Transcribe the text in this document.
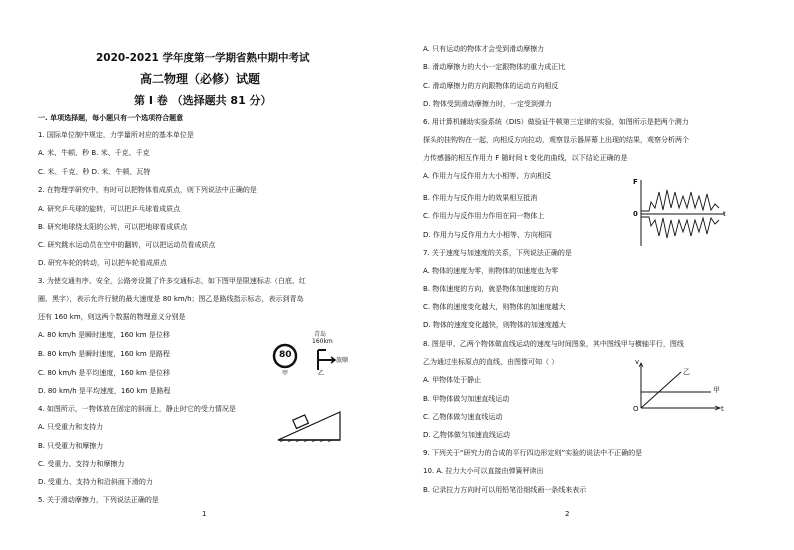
2020-2021 学年度第一学期省熟中期中考试
高二物理（必修）试题
第 I 卷 （选择题共 81 分）
一. 单项选择题，每小题只有一个选项符合题意
1. 国际单位制中规定，力学量所对应的基本单位是
A. 米、牛顿、秒 B. 米、千克、千克
C. 米、千克、秒 D. 米、牛顿、瓦特
2. 在物理学研究中，有时可以把物体看成质点，则下列说法中正确的是
A. 研究乒乓球的旋转，可以把乒乓球看成质点
B. 研究地球绕太阳的公转，可以把地球看成质点
C. 研究跳水运动员在空中的翻转，可以把运动员看成质点
D. 研究车轮的转动，可以把车轮看成质点
3. 为使交通有序、安全，公路旁设置了许多交通标志，如下图甲是限速标志（白底、红
圈、黑字），表示允许行驶的最大速度是 80 km/h；图乙是路线指示标志，表示到青岛
还有 160 km，则这两个数据的物理意义分别是
A. 80 km/h 是瞬时速度，160 km 是位移
B. 80 km/h 是瞬时速度，160 km 是路程
C. 80 km/h 是平均速度，160 km 是位移
D. 80 km/h 是平均速度，160 km 是路程
4. 如图所示，一物体放在固定的斜面上，静止时它的受力情况是
A. 只受重力和支持力
B. 只受重力和摩擦力
C. 受重力、支持力和摩擦力
D. 受重力、支持力和沿斜面下滑的力
5. 关于滑动摩擦力，下列说法正确的是
80
甲
青岛
160km
旅顺
乙
1
A. 只有运动的物体才会受到滑动摩擦力
B. 滑动摩擦力的大小一定跟物体的重力成正比
C. 滑动摩擦力的方向跟物体的运动方向相反
D. 物体受到滑动摩擦力时，一定受到弹力
6. 用计算机辅助实验系统（DIS）做验证牛顿第三定律的实验，如图所示是把两个测力
探头的挂钩钩在一起，向相反方向拉动，观察显示器屏幕上出现的结果，观察分析两个
力传感器的相互作用力 F 随时间 t 变化的曲线，以下结论正确的是
A. 作用力与反作用力大小相等、方向相反
B. 作用力与反作用力的效果相互抵消
C. 作用力与反作用力作用在同一物体上
D. 作用力与反作用力大小相等、方向相同
7. 关于速度与加速度的关系，下列说法正确的是
A. 物体的速度为零，则物体的加速度也为零
B. 物体速度的方向，就是物体加速度的方向
C. 物体的速度变化越大，则物体的加速度越大
D. 物体的速度变化越快，则物体的加速度越大
8. 图是甲、乙两个物体做直线运动的速度与时间图象，其中图线甲与横轴平行，图线
乙为通过坐标原点的直线，由图像可知（ ）
A. 甲物体处于静止
B. 甲物体做匀加速直线运动
C. 乙物体做匀速直线运动
D. 乙物体做匀加速直线运动
9. 下列关于“研究力的合成的平行四边形定则”实验的说法中不正确的是
10. A. 拉力大小可以直接由弹簧秤读出
B. 记录拉力方向时可以用铅笔沿细线画一条线来表示
F
0	t
v
O	t
甲
乙
2
